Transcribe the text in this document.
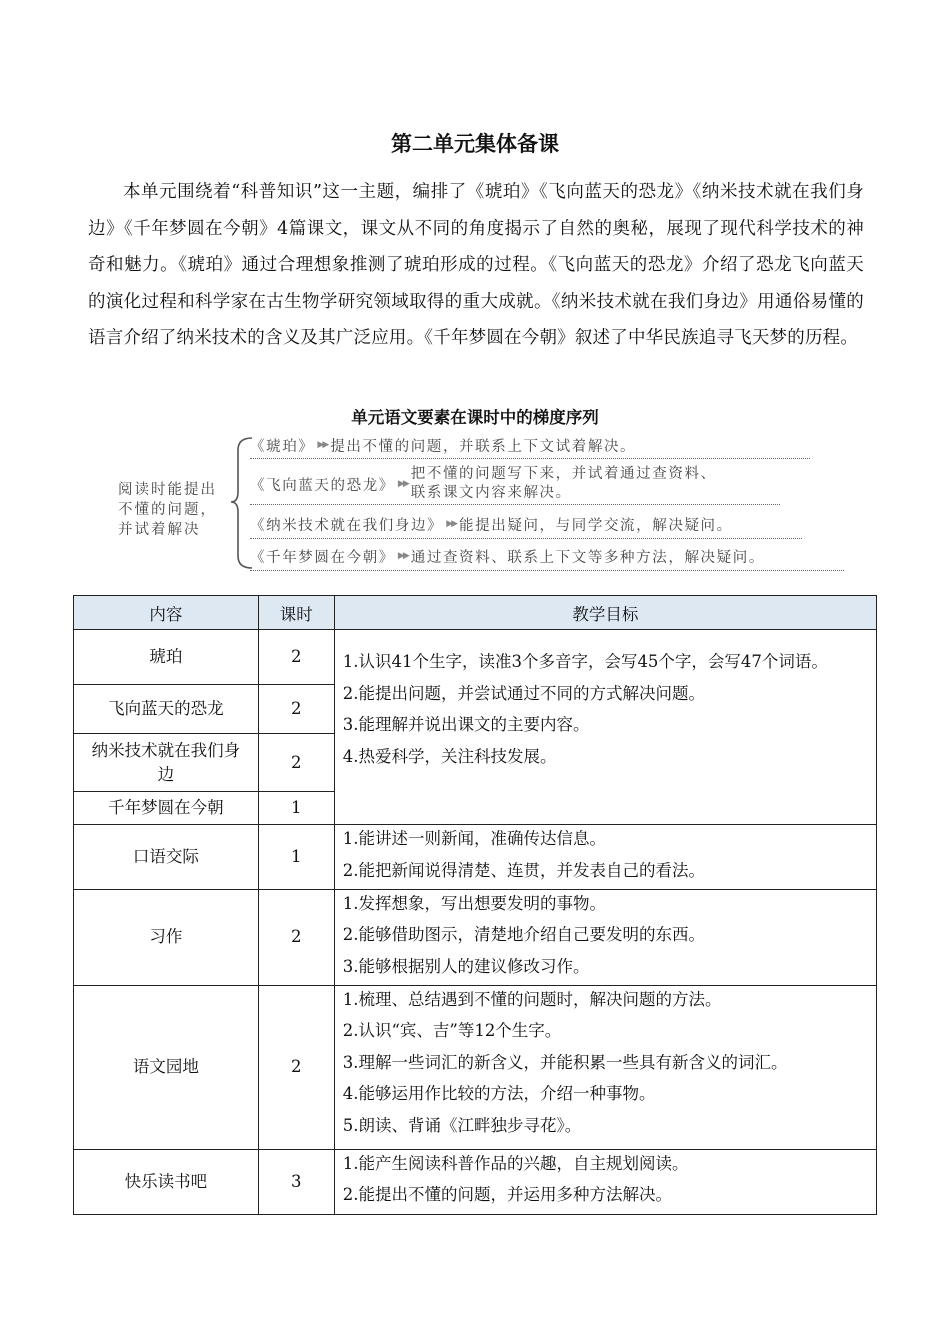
第二单元集体备课

本单元围绕着“科普知识”这一主题，编排了《琥珀》《飞向蓝天的恐龙》《纳米技术就在我们身边》《千年梦圆在今朝》4篇课文，课文从不同的角度揭示了自然的奥秘，展现了现代科学技术的神奇和魅力。《琥珀》通过合理想象推测了琥珀形成的过程。《飞向蓝天的恐龙》介绍了恐龙飞向蓝天的演化过程和科学家在古生物学研究领域取得的重大成就。《纳米技术就在我们身边》用通俗易懂的语言介绍了纳米技术的含义及其广泛应用。《千年梦圆在今朝》叙述了中华民族追寻飞天梦的历程。

单元语文要素在课时中的梯度序列
阅读时能提出
不懂的问题，
并试着解决
《琥珀》 ▶▶ 提出不懂的问题，并联系上下文试着解决。
《飞向蓝天的恐龙》 ▶▶
把不懂的问题写下来，并试着通过查资料、
联系课文内容来解决。
《纳米技术就在我们身边》 ▶▶ 能提出疑问，与同学交流，解决疑问。
《千年梦圆在今朝》 ▶▶ 通过查资料、联系上下文等多种方法，解决疑问。
内容	课时	教学目标
琥珀	2	1.认识41个生字，读准3个多音字，会写45个字，会写47个词语。
2.能提出问题，并尝试通过不同的方式解决问题。
3.能理解并说出课文的主要内容。
4.热爱科学，关注科技发展。

飞向蓝天的恐龙	2	
纳米技术就在我们身边	2	
千年梦圆在今朝	1	
口语交际	1	1.能讲述一则新闻，准确传达信息。
2.能把新闻说得清楚、连贯，并发表自己的看法。

习作	2	1.发挥想象，写出想要发明的事物。
2.能够借助图示，清楚地介绍自己要发明的东西。
3.能够根据别人的建议修改习作。

语文园地	2	1.梳理、总结遇到不懂的问题时，解决问题的方法。
2.认识“宾、吉”等12个生字。
3.理解一些词汇的新含义，并能积累一些具有新含义的词汇。
4.能够运用作比较的方法，介绍一种事物。
5.朗读、背诵《江畔独步寻花》。

快乐读书吧	3	1.能产生阅读科普作品的兴趣，自主规划阅读。
2.能提出不懂的问题，并运用多种方法解决。
